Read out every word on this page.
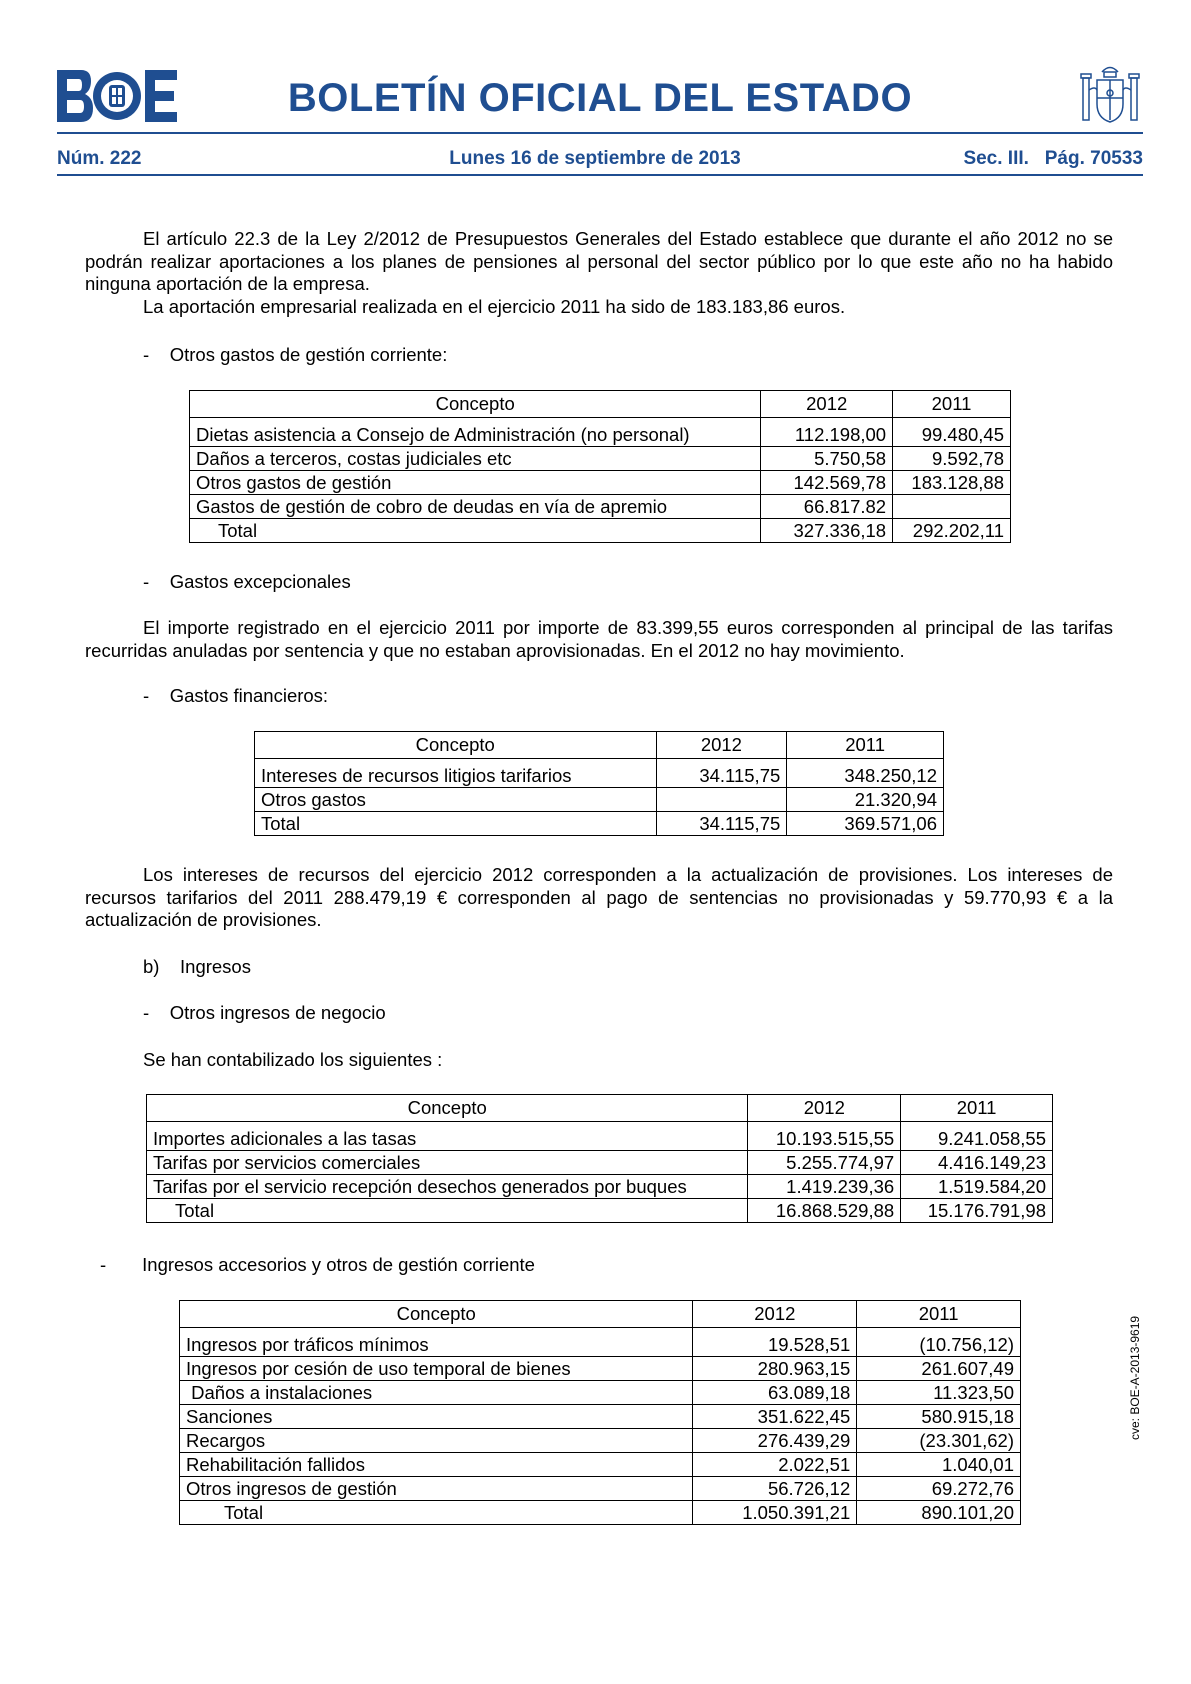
BOLETÍN OFICIAL DEL ESTADO
Núm. 222	Lunes 16 de septiembre de 2013	Sec. III.   Pág. 70533
cve: BOE-A-2013-9619
El artículo 22.3 de la Ley 2/2012 de Presupuestos Generales del Estado establece que durante el año 2012 no se podrán realizar aportaciones a los planes de pensiones al personal del sector público por lo que este año no ha habido ninguna aportación de la empresa.
La aportación empresarial realizada en el ejercicio 2011 ha sido de 183.183,86 euros.
-    Otros gastos de gestión corriente:
Concepto	2012	2011
Dietas asistencia a Consejo de Administración (no personal)	112.198,00	99.480,45
Daños a terceros, costas judiciales etc	5.750,58	9.592,78
Otros gastos de gestión	142.569,78	183.128,88
Gastos de gestión de cobro de deudas en vía de apremio	66.817.82	
Total	327.336,18	292.202,11
-    Gastos excepcionales
El importe registrado en el ejercicio 2011 por importe de 83.399,55 euros corresponden al principal de las tarifas recurridas anuladas por sentencia y que no estaban aprovisionadas. En el 2012 no hay movimiento.
-    Gastos financieros:
Concepto	2012	2011
Intereses de recursos litigios tarifarios	34.115,75	348.250,12
Otros gastos		21.320,94
Total	34.115,75	369.571,06
Los intereses de recursos del ejercicio 2012 corresponden a la actualización de provisiones. Los intereses de recursos tarifarios del 2011 288.479,19 € corresponden al pago de sentencias no provisionadas y 59.770,93 € a la actualización de provisiones.
b)    Ingresos
-    Otros ingresos de negocio
Se han contabilizado los siguientes :
Concepto	2012	2011
Importes adicionales a las tasas	10.193.515,55	9.241.058,55
Tarifas por servicios comerciales	5.255.774,97	4.416.149,23
Tarifas por el servicio recepción desechos generados por buques	1.419.239,36	1.519.584,20
Total	16.868.529,88	15.176.791,98
-       Ingresos accesorios y otros de gestión corriente
Concepto	2012	2011
Ingresos por tráficos mínimos	19.528,51	(10.756,12)
Ingresos por cesión de uso temporal de bienes	280.963,15	261.607,49
Daños a instalaciones	63.089,18	11.323,50
Sanciones	351.622,45	580.915,18
Recargos	276.439,29	(23.301,62)
Rehabilitación fallidos	2.022,51	1.040,01
Otros ingresos de gestión	56.726,12	69.272,76
Total	1.050.391,21	890.101,20
